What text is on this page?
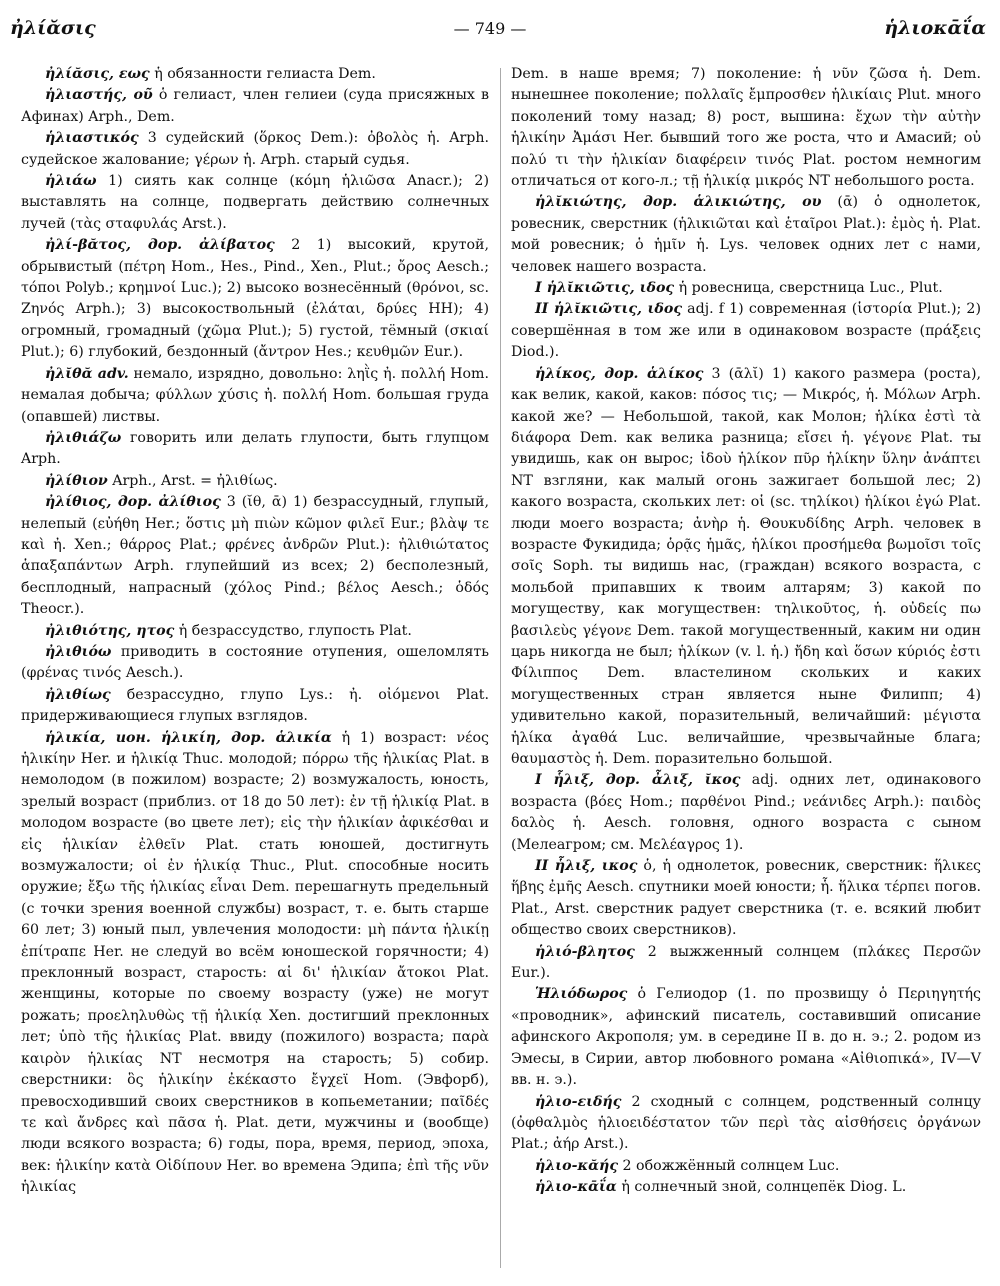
ἠλίᾰσις	— 749 —	ἡλιοκᾱΐα

ἠλίᾰσις, εως ἡ обязанности гелиаста Dem.

ἡλιαστής, οῦ ὁ гелиаст, член гелиеи (суда присяжных в Афинах) Arph., Dem.

ἡλιαστικός 3 судейский (ὅρκος Dem.): ὀβολὸς ἡ. Arph. судейское жалование; γέρων ἡ. Arph. старый судья.

ἡλιάω 1) сиять как солнце (κόμη ἡλιῶσα Anacr.); 2) выставлять на солнце, подвергать действию солнечных лучей (τὰς σταφυλάς Arst.).

ἠλί-βᾰτος, дор. ἀλίβατος 2 1) высокий, крутой, обрывистый (πέτρη Hom., Hes., Pind., Xen., Plut.; ὄρος Aesch.; τόποι Polyb.; κρημνοί Luc.); 2) высоко вознесённый (θρόνοι, sc. Ζηνός Arph.); 3) высокоствольный (ἐλάται, δρύες HH); 4) огромный, громадный (χῶμα Plut.); 5) густой, тёмный (σκιαί Plut.); 6) глубокий, бездонный (ἄντρον Hes.; κευθμῶν Eur.).

ἠλῐθᾰ adv. немало, изрядно, довольно: ληῒς ἠ. πολλή Hom. немалая добыча; φύλλων χύσις ἠ. πολλή Hom. большая груда (опавшей) листвы.

ἠλιθιάζω говорить или делать глупости, быть глупцом Arph.

ἠλίθιον Arph., Arst. = ἠλιθίως.

ἠλίθιος, дор. ἀλίθιος 3 (ῐθ, ᾱ) 1) безрассудный, глупый, нелепый (εὐήθη Her.; ὅστις μὴ πιὼν κῶμον φιλεῖ Eur.; βλὰψ τε καὶ ἠ. Xen.; θάρρος Plat.; φρένες ἀνδρῶν Plut.): ἠλιθιώτατος ἁπαξαπάντων Arph. глупейший из всех; 2) бесполезный, бесплодный, напрасный (χόλος Pind.; βέλος Aesch.; ὁδός Theocr.).

ἠλιθιότης, ητος ἡ безрассудство, глупость Plat.

ἠλιθιόω приводить в состояние отупения, ошеломлять (φρένας τινός Aesch.).

ἠλιθίως безрассудно, глупо Lys.: ἠ. οἰόμενοι Plat. придерживающиеся глупых взглядов.

ἡλικία, ион. ἡλικίη, дор. ἁλικία ἡ 1) возраст: νέος ἡλικίην Her. и ἡλικίᾳ Thuc. молодой; πόρρω τῆς ἡλικίας Plat. в немолодом (в пожилом) возрасте; 2) возмужалость, юность, зрелый возраст (приблиз. от 18 до 50 лет): ἐν τῇ ἡλικίᾳ Plat. в молодом возрасте (во цвете лет); εἰς τὴν ἡλικίαν ἀφικέσθαι и εἰς ἡλικίαν ἐλθεῖν Plat. стать юношей, достигнуть возмужалости; οἱ ἐν ἡλικίᾳ Thuc., Plut. способные носить оружие; ἔξω τῆς ἡλικίας εἶναι Dem. перешагнуть предельный (с точки зрения военной службы) возраст, т. е. быть старше 60 лет; 3) юный пыл, увлечения молодости: μὴ πάντα ἡλικίῃ ἐπίτραπε Her. не следуй во всём юношеской горячности; 4) преклонный возраст, старость: αἱ δι' ἡλικίαν ἄτοκοι Plat. женщины, которые по своему возрасту (уже) не могут рожать; προεληλυθὼς τῇ ἡλικίᾳ Xen. достигший преклонных лет; ὑπὸ τῆς ἡλικίας Plat. ввиду (пожилого) возраста; παρὰ καιρὸν ἡλικίας NT несмотря на старость; 5) собир. сверстники: ὃς ἡλικίην ἐκέκαστο ἔγχεϊ Hom. (Эвфорб), превосходивший своих сверстников в копьеметании; παῖδές τε καὶ ἄνδρες καὶ πᾶσα ἡ. Plat. дети, мужчины и (вообще) люди всякого возраста; 6) годы, пора, время, период, эпоха, век: ἡλικίην κατὰ Οἰδίπουν Her. во времена Эдипа; ἐπὶ τῆς νῦν ἡλικίας

Dem. в наше время; 7) поколение: ἡ νῦν ζῶσα ἡ. Dem. нынешнее поколение; πολλαῖς ἔμπροσθεν ἡλικίαις Plut. много поколений тому назад; 8) рост, вышина: ἔχων τὴν αὐτὴν ἡλικίην Ἀμάσι Her. бывший того же роста, что и Амасий; οὐ πολύ τι τὴν ἡλικίαν διαφέρειν τινός Plat. ростом немногим отличаться от кого-л.; τῇ ἡλικίᾳ μικρός NT небольшого роста.

ἡλῐκιώτης, дор. ἁλικιώτης, ου (ᾱ) ὁ однолеток, ровесник, сверстник (ἡλικιῶται καὶ ἑταῖροι Plat.): ἐμὸς ἡ. Plat. мой ровесник; ὁ ἡμῖν ἡ. Lys. человек одних лет с нами, человек нашего возраста.

I ἡλῐκιῶτις, ιδος ἡ ровесница, сверстница Luc., Plut.

II ἡλῐκιῶτις, ιδος adj. f 1) современная (ἱστορία Plut.); 2) совершённая в том же или в одинаковом возрасте (πράξεις Diod.).

ἡλίκος, дор. ἁλίκος 3 (ᾱλῐ) 1) какого размера (роста), как велик, какой, каков: πόσος τις; — Μικρός, ἡ. Μόλων Arph. какой же? — Небольшой, такой, как Молон; ἡλίκα ἐστὶ τὰ διάφορα Dem. как велика разница; εἴσει ἡ. γέγονε Plat. ты увидишь, как он вырос; ἰδοὺ ἡλίκον πῦρ ἡλίκην ὕλην ἀνάπτει NT взгляни, как малый огонь зажигает большой лес; 2) какого возраста, скольких лет: οἱ (sc. τηλίκοι) ἡλίκοι ἐγώ Plat. люди моего возраста; ἀνὴρ ἡ. Θουκυδίδης Arph. человек в возрасте Фукидида; ὁρᾷς ἡμᾶς, ἡλίκοι προσήμεθα βωμοῖσι τοῖς σοῖς Soph. ты видишь нас, (граждан) всякого возраста, с мольбой припавших к твоим алтарям; 3) какой по могуществу, как могуществен: τηλικοῦτος, ἡ. οὐδείς πω βασιλεὺς γέγονε Dem. такой могущественный, каким ни один царь никогда не был; ἡλίκων (v. l. ἡ.) ἤδη καὶ ὅσων κύριός ἐστι Φίλιππος Dem. властелином скольких и каких могущественных стран является ныне Филипп; 4) удивительно какой, поразительный, величайший: μέγιστα ἡλίκα ἀγαθά Luc. величайшие, чрезвычайные блага; θαυμαστὸς ἡ. Dem. поразительно большой.

I ἧλιξ, дор. ἆλιξ, ῐκος adj. одних лет, одинакового возраста (βόες Hom.; παρθένοι Pind.; νεάνιδες Arph.): παιδὸς δαλὸς ἡ. Aesch. головня, одного возраста с сыном (Мелеагром; см. Μελέαγρος 1).

II ἧλιξ, ικος ὁ, ἡ однолеток, ровесник, сверстник: ἥλικες ἥβης ἐμῆς Aesch. спутники моей юности; ἧ. ἥλικα τέρπει погов. Plat., Arst. сверстник радует сверстника (т. е. всякий любит общество своих сверстников).

ἡλιό-βλητος 2 выжженный солнцем (πλάκες Περσῶν Eur.).

Ἡλιόδωρος ὁ Гелиодор (1. по прозвищу ὁ Περιηγητής «проводник», афинский писатель, составивший описание афинского Акрополя; ум. в середине II в. до н. э.; 2. родом из Эмесы, в Сирии, автор любовного романа «Αἰθιοπικά», IV—V вв. н. э.).

ἡλιο-ειδής 2 сходный с солнцем, родственный солнцу (ὀφθαλμὸς ἡλιοειδέστατον τῶν περὶ τὰς αἰσθήσεις ὀργάνων Plat.; ἀήρ Arst.).

ἡλιο-κᾰής 2 обожжённый солнцем Luc.

ἡλιο-κᾱΐα ἡ солнечный зной, солнцепёк Diog. L.
